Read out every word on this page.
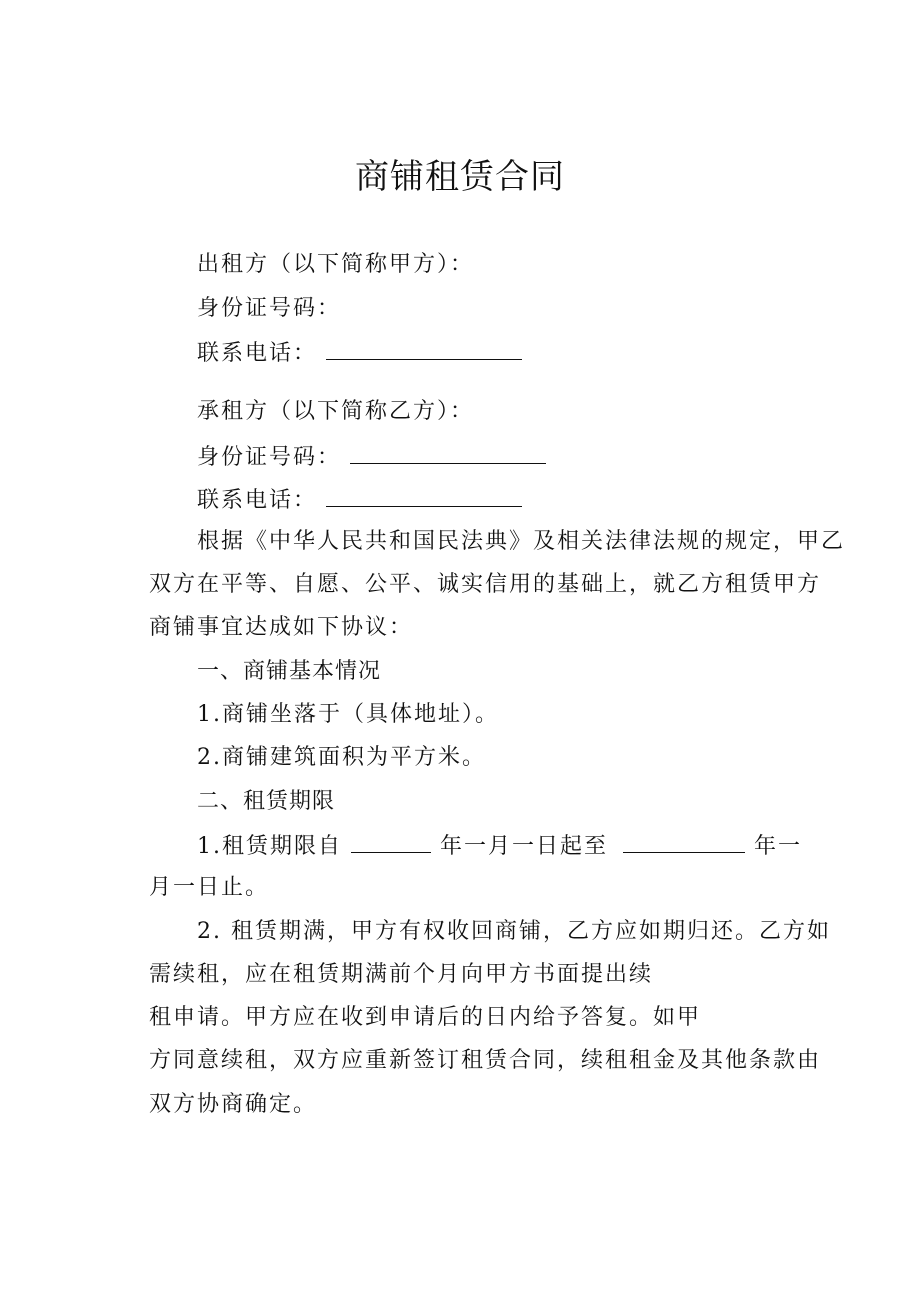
商铺租赁合同
出租方（以下简称甲方）：
身份证号码：
联系电话：
承租方（以下简称乙方）：
身份证号码：
联系电话：
根据《中华人民共和国民法典》及相关法律法规的规定，甲乙
双方在平等、自愿、公平、诚实信用的基础上，就乙方租赁甲方
商铺事宜达成如下协议：
一、商铺基本情况
1.商铺坐落于（具体地址）。
2.商铺建筑面积为平方米。
二、租赁期限
1.租赁期限自	年一月一日起至	年一
月一日止。
2. 租赁期满，甲方有权收回商铺，乙方应如期归还。乙方如
需续租，应在租赁期满前个月向甲方书面提出续
租申请。甲方应在收到申请后的日内给予答复。如甲
方同意续租，双方应重新签订租赁合同，续租租金及其他条款由
双方协商确定。
